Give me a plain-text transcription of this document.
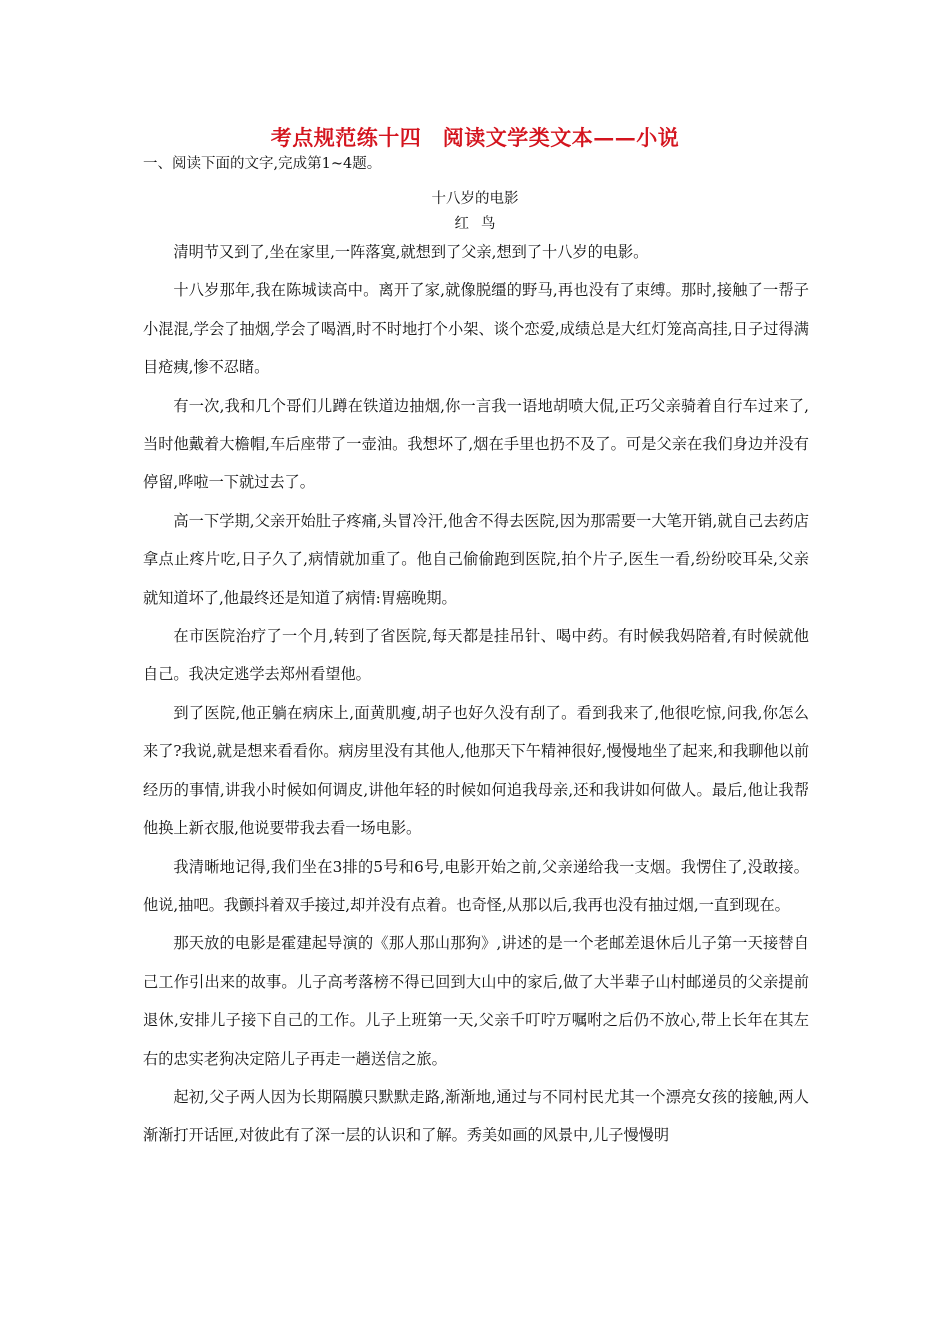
考点规范练十四　阅读文学类文本——小说
一、阅读下面的文字,完成第1~4题。
十八岁的电影
红鸟

清明节又到了,坐在家里,一阵落寞,就想到了父亲,想到了十八岁的电影。

十八岁那年,我在陈城读高中。离开了家,就像脱缰的野马,再也没有了束缚。那时,接触了一帮子小混混,学会了抽烟,学会了喝酒,时不时地打个小架、谈个恋爱,成绩总是大红灯笼高高挂,日子过得满目疮痍,惨不忍睹。

有一次,我和几个哥们儿蹲在铁道边抽烟,你一言我一语地胡喷大侃,正巧父亲骑着自行车过来了,当时他戴着大檐帽,车后座带了一壶油。我想坏了,烟在手里也扔不及了。可是父亲在我们身边并没有停留,哗啦一下就过去了。

高一下学期,父亲开始肚子疼痛,头冒冷汗,他舍不得去医院,因为那需要一大笔开销,就自己去药店拿点止疼片吃,日子久了,病情就加重了。他自己偷偷跑到医院,拍个片子,医生一看,纷纷咬耳朵,父亲就知道坏了,他最终还是知道了病情:胃癌晚期。

在市医院治疗了一个月,转到了省医院,每天都是挂吊针、喝中药。有时候我妈陪着,有时候就他自己。我决定逃学去郑州看望他。

到了医院,他正躺在病床上,面黄肌瘦,胡子也好久没有刮了。看到我来了,他很吃惊,问我,你怎么来了?我说,就是想来看看你。病房里没有其他人,他那天下午精神很好,慢慢地坐了起来,和我聊他以前经历的事情,讲我小时候如何调皮,讲他年轻的时候如何追我母亲,还和我讲如何做人。最后,他让我帮他换上新衣服,他说要带我去看一场电影。

我清晰地记得,我们坐在3排的5号和6号,电影开始之前,父亲递给我一支烟。我愣住了,没敢接。他说,抽吧。我颤抖着双手接过,却并没有点着。也奇怪,从那以后,我再也没有抽过烟,一直到现在。

那天放的电影是霍建起导演的《那人那山那狗》,讲述的是一个老邮差退休后儿子第一天接替自己工作引出来的故事。儿子高考落榜不得已回到大山中的家后,做了大半辈子山村邮递员的父亲提前退休,安排儿子接下自己的工作。儿子上班第一天,父亲千叮咛万嘱咐之后仍不放心,带上长年在其左右的忠实老狗决定陪儿子再走一趟送信之旅。

起初,父子两人因为长期隔膜只默默走路,渐渐地,通过与不同村民尤其一个漂亮女孩的接触,两人渐渐打开话匣,对彼此有了深一层的认识和了解。秀美如画的风景中,儿子慢慢明
